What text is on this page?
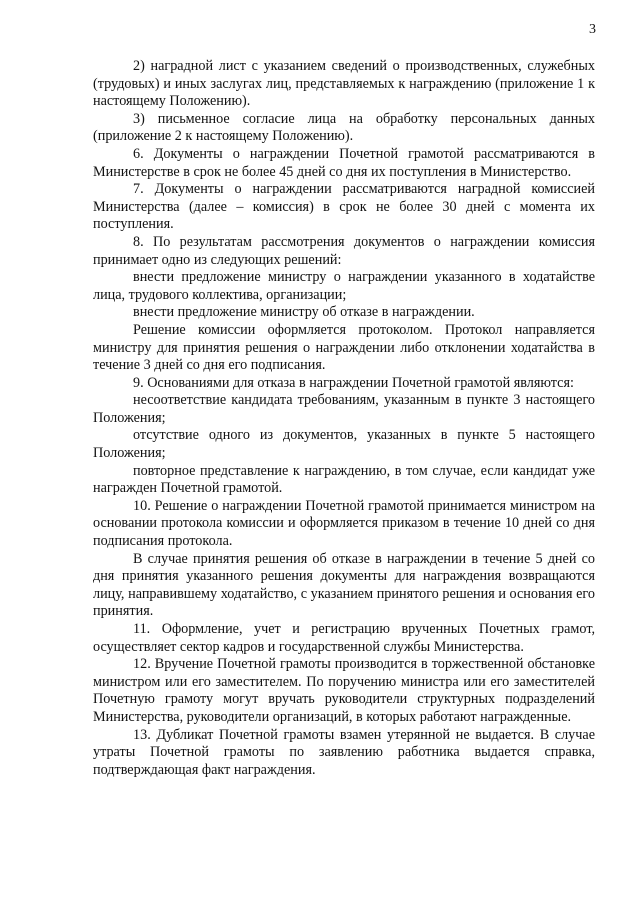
3

2) наградной лист с указанием сведений о производственных, служебных (трудовых) и иных заслугах лиц, представляемых к награждению (приложение 1 к настоящему Положению).

3) письменное согласие лица на обработку персональных данных (приложение 2 к настоящему Положению).

6. Документы о награждении Почетной грамотой рассматриваются в Министерстве в срок не более 45 дней со дня их поступления в Министерство.

7. Документы о награждении рассматриваются наградной комиссией Министерства (далее – комиссия) в срок не более 30 дней с момента их поступления.

8. По результатам рассмотрения документов о награждении комиссия принимает одно из следующих решений:

внести предложение министру о награждении указанного в ходатайстве лица, трудового коллектива, организации;

внести предложение министру об отказе в награждении.

Решение комиссии оформляется протоколом. Протокол направляется министру для принятия решения о награждении либо отклонении ходатайства в течение 3 дней со дня его подписания.

9. Основаниями для отказа в награждении Почетной грамотой являются:

несоответствие кандидата требованиям, указанным в пункте 3 настоящего Положения;

отсутствие одного из документов, указанных в пункте 5 настоящего Положения;

повторное представление к награждению, в том случае, если кандидат уже награжден Почетной грамотой.

10. Решение о награждении Почетной грамотой принимается министром на основании протокола комиссии и оформляется приказом в течение 10 дней со дня подписания протокола.

В случае принятия решения об отказе в награждении в течение 5 дней со дня принятия указанного решения документы для награждения возвращаются лицу, направившему ходатайство, с указанием принятого решения и основания его принятия.

11. Оформление, учет и регистрацию врученных Почетных грамот, осуществляет сектор кадров и государственной службы Министерства.

12. Вручение Почетной грамоты производится в торжественной обстановке министром или его заместителем. По поручению министра или его заместителей Почетную грамоту могут вручать руководители структурных подразделений Министерства, руководители организаций, в которых работают награжденные.

13. Дубликат Почетной грамоты взамен утерянной не выдается. В случае утраты Почетной грамоты по заявлению работника выдается справка, подтверждающая факт награждения.
